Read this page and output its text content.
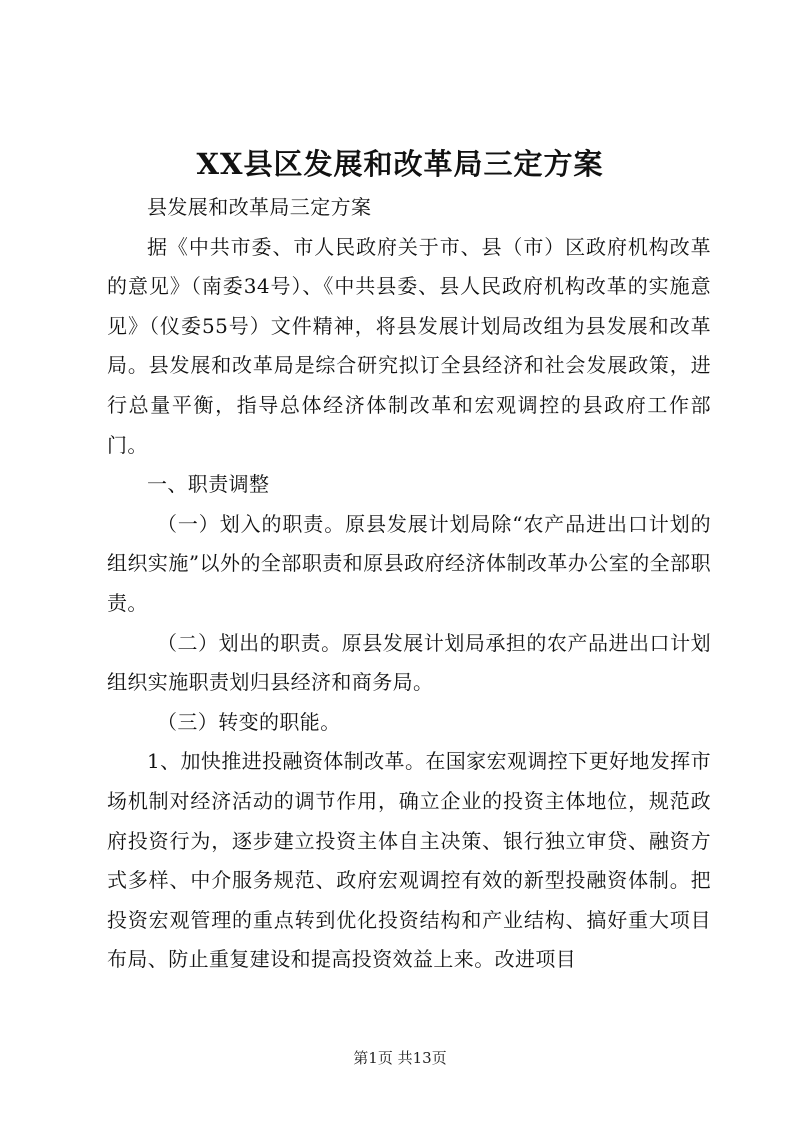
XX县区发展和改革局三定方案

县发展和改革局三定方案

据《中共市委、市人民政府关于市、县（市）区政府机构改革的意见》（南委34号）、《中共县委、县人民政府机构改革的实施意见》（仪委55号）文件精神，将县发展计划局改组为县发展和改革局。县发展和改革局是综合研究拟订全县经济和社会发展政策，进行总量平衡，指导总体经济体制改革和宏观调控的县政府工作部门。

一、职责调整

（一）划入的职责。原县发展计划局除“农产品进出口计划的组织实施”以外的全部职责和原县政府经济体制改革办公室的全部职责。

（二）划出的职责。原县发展计划局承担的农产品进出口计划组织实施职责划归县经济和商务局。

（三）转变的职能。

1、加快推进投融资体制改革。在国家宏观调控下更好地发挥市场机制对经济活动的调节作用，确立企业的投资主体地位，规范政府投资行为，逐步建立投资主体自主决策、银行独立审贷、融资方式多样、中介服务规范、政府宏观调控有效的新型投融资体制。把投资宏观管理的重点转到优化投资结构和产业结构、搞好重大项目布局、防止重复建设和提高投资效益上来。改进项目

第1页 共13页
